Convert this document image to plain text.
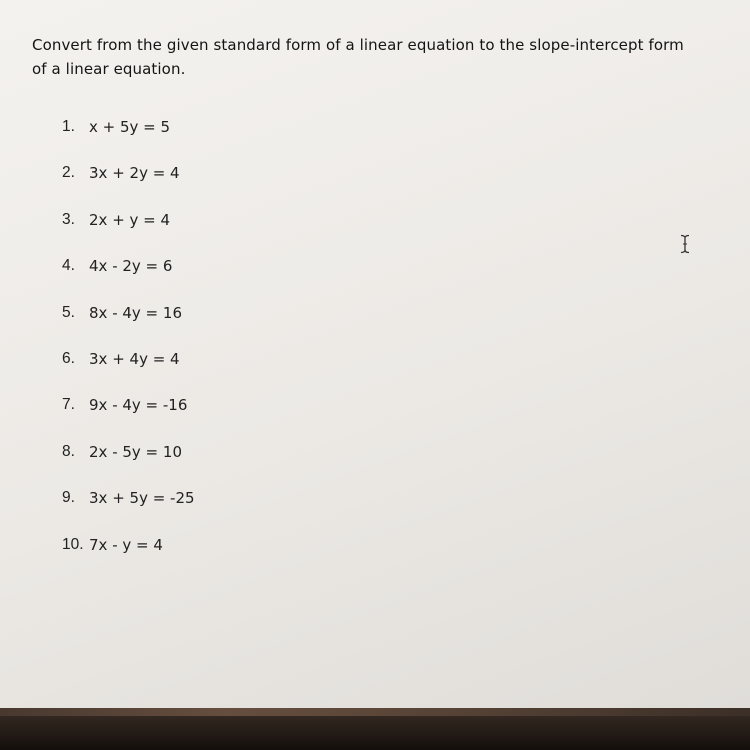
Convert from the given standard form of a linear equation to the slope-intercept form of a linear equation.
1. x + 5y = 5
2. 3x + 2y = 4
3. 2x + y = 4
4. 4x - 2y = 6
5. 8x - 4y = 16
6. 3x + 4y = 4
7. 9x - 4y = -16
8. 2x - 5y = 10
9. 3x + 5y = -25
10. 7x - y = 4
